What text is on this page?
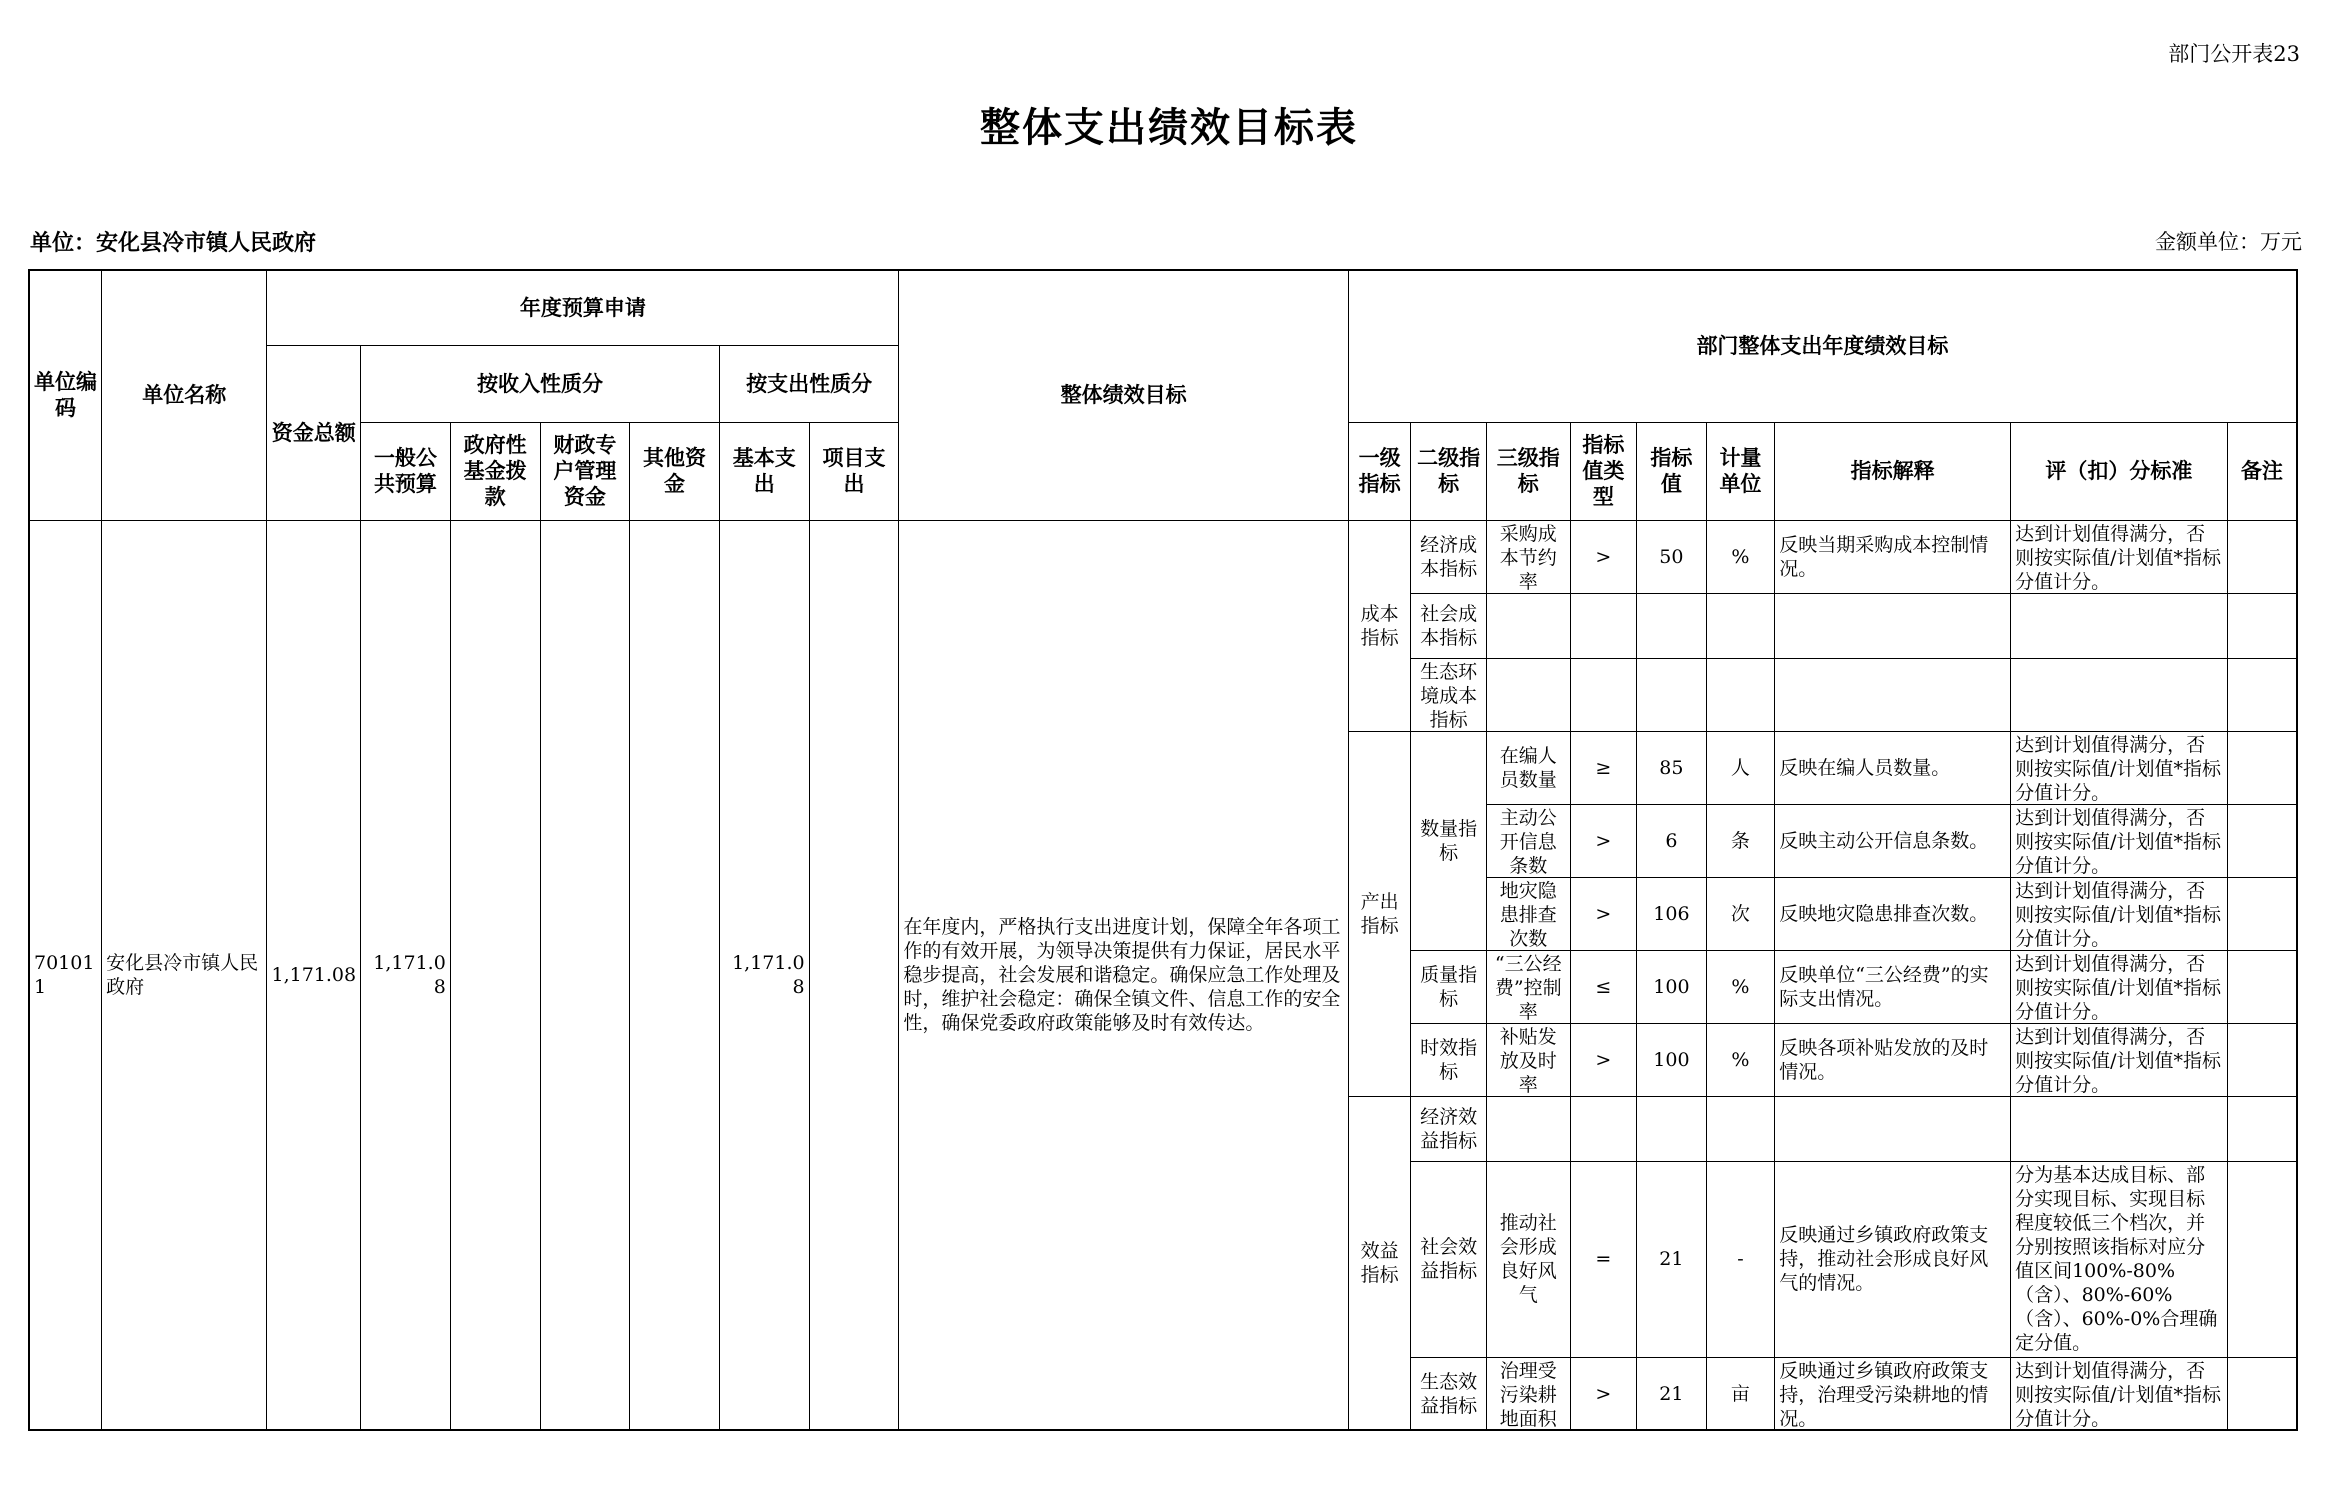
部门公开表23
整体支出绩效目标表
单位：安化县冷市镇人民政府	金额单位：万元
单位编码	单位名称	年度预算申请							整体绩效目标	部门整体支出年度绩效目标								
		资金总额	按收入性质分				按支出性质分											
			一般公共预算	政府性基金拨款	财政专户管理资金	其他资金	基本支出	项目支出		一级指标	二级指标	三级指标	指标值类型	指标值	计量单位	指标解释	评（扣）分标准	备注
701011	安化县冷市镇人民政府	1,171.08	1,171.08				1,171.08		在年度内，严格执行支出进度计划，保障全年各项工作的有效开展，为领导决策提供有力保证，居民水平稳步提高，社会发展和谐稳定。确保应急工作处理及时，维护社会稳定：确保全镇文件、信息工作的安全性，确保党委政府政策能够及时有效传达。	成本指标	经济成本指标	采购成本节约率	>	50	%	反映当期采购成本控制情况。	达到计划值得满分，否则按实际值/计划值*指标分值计分。	

											社会成本指标							

											生态环境成本指标							

										产出指标	数量指标	在编人员数量	≥	85	人	反映在编人员数量。	达到计划值得满分，否则按实际值/计划值*指标分值计分。	

												主动公开信息条数	>	6	条	反映主动公开信息条数。	达到计划值得满分，否则按实际值/计划值*指标分值计分。	

												地灾隐患排查次数	>	106	次	反映地灾隐患排查次数。	达到计划值得满分，否则按实际值/计划值*指标分值计分。	

											质量指标	“三公经费”控制率	≤	100	%	反映单位“三公经费”的实际支出情况。	达到计划值得满分，否则按实际值/计划值*指标分值计分。	

											时效指标	补贴发放及时率	>	100	%	反映各项补贴发放的及时情况。	达到计划值得满分，否则按实际值/计划值*指标分值计分。	

										效益指标	经济效益指标							
											社会效益指标	推动社会形成良好风气	=	21	-	反映通过乡镇政府政策支持，推动社会形成良好风气的情况。	分为基本达成目标、部分实现目标、实现目标程度较低三个档次，并分别按照该指标对应分值区间100%-80%（含）、80%-60%（含）、60%-0%合理确定分值。	

											生态效益指标	治理受污染耕地面积	>	21	亩	反映通过乡镇政府政策支持，治理受污染耕地的情况。	达到计划值得满分，否则按实际值/计划值*指标分值计分。	
